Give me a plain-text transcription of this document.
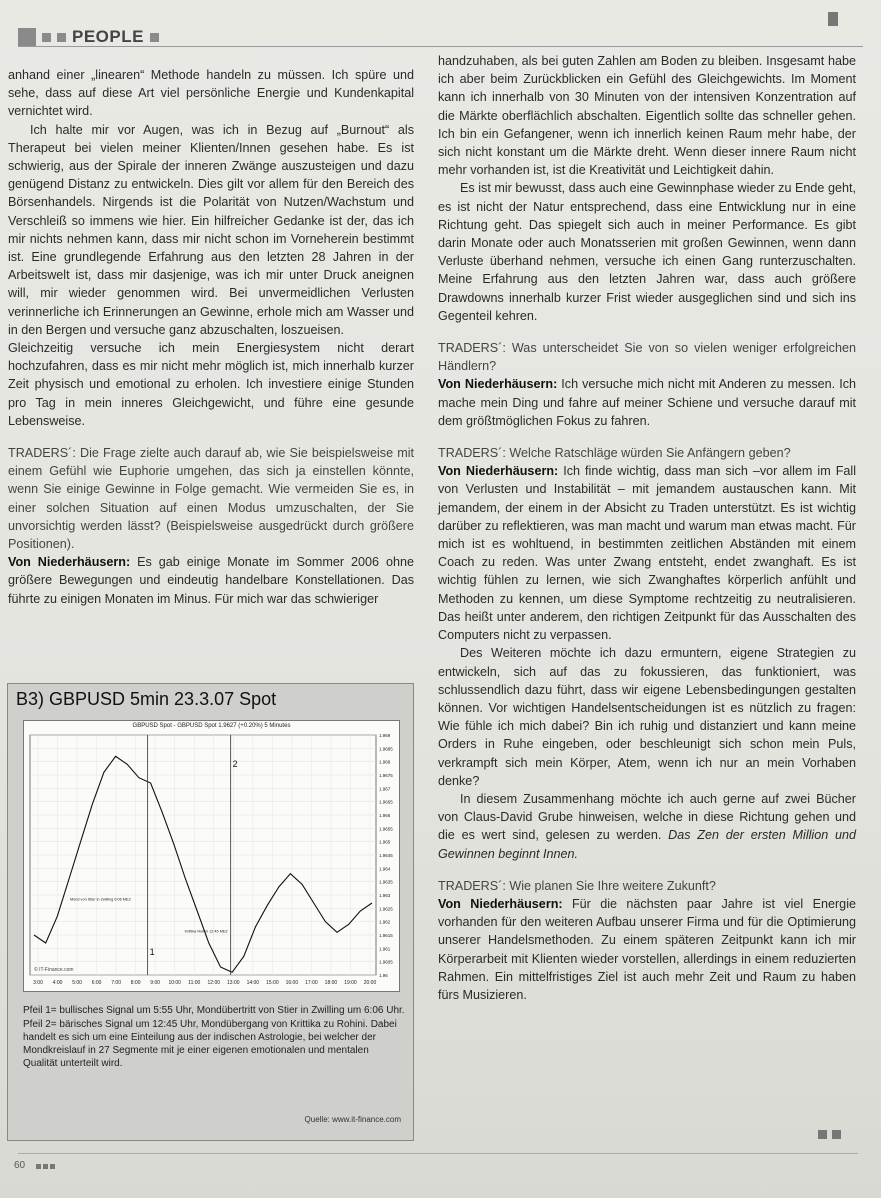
PEOPLE

anhand einer „linearen“ Methode handeln zu müssen. Ich spüre und sehe, dass auf diese Art viel persönliche Energie und Kundenkapital vernichtet wird.

Ich halte mir vor Augen, was ich in Bezug auf „Burnout“ als Therapeut bei vielen meiner Klienten/Innen gesehen habe. Es ist schwierig, aus der Spirale der inneren Zwänge auszusteigen und dazu genügend Distanz zu entwickeln. Dies gilt vor allem für den Bereich des Börsenhandels. Nirgends ist die Polarität von Nutzen/Wachstum und Verschleiß so immens wie hier. Ein hilfreicher Gedanke ist der, das ich mir nichts nehmen kann, dass mir nicht schon im Vorneherein bestimmt ist. Eine grundlegende Erfahrung aus den letzten 28 Jahren in der Arbeitswelt ist, dass mir dasjenige, was ich mir unter Druck aneignen will, mir wieder genommen wird. Bei unvermeidlichen Verlusten verinnerliche ich Erinnerungen an Gewinne, erhole mich am Wasser und in den Bergen und versuche ganz abzuschalten, loszueisen.

Gleichzeitig versuche ich mein Energiesystem nicht derart hochzufahren, dass es mir nicht mehr möglich ist, mich innerhalb kurzer Zeit physisch und emotional zu erholen. Ich investiere einige Stunden pro Tag in mein inneres Gleichgewicht, und führe eine gesunde Lebensweise.

TRADERS´: Die Frage zielte auch darauf ab, wie Sie beispielsweise mit einem Gefühl wie Euphorie umgehen, das sich ja einstellen könnte, wenn Sie einige Gewinne in Folge gemacht. Wie vermeiden Sie es, in einer solchen Situation auf einen Modus umzuschalten, der Sie unvorsichtig werden lässt? (Beispielsweise ausgedrückt durch größere Positionen).

Von Niederhäusern: Es gab einige Monate im Sommer 2006 ohne größere Bewegungen und eindeutig handelbare Konstellationen. Das führte zu einigen Monaten im Minus. Für mich war das schwieriger

B3) GBPUSD 5min 23.3.07 Spot
GBPUSD Spot - GBPUSD Spot 1.9627 (+0.20%) 5 Minutes
1.969
1.9685
1.968
1.9675
1.967
1.9665
1.966
1.9655
1.965
1.9645
1.964
1.9635
1.963
1.9625
1.962
1.9615
1.961
1.9605
1.96
3:00 4:00 5:00 6:00 7:00 8:00 9:00 10:00 11:00 12:00 13:00 14:00 15:00 16:00 17:00 18:00 19:00 20:00
1
2
Mond von Stier in Zwilling 6:06 MEZ
Krittika Rohini 12:45 MEZ
© IT-Finance.com

Pfeil 1= bullisches Signal um 5:55 Uhr, Mondübertritt von Stier in Zwilling um 6:06 Uhr.

Pfeil 2= bärisches Signal um 12:45 Uhr, Mondübergang von Krittika zu Rohini. Dabei handelt es sich um eine Einteilung aus der indischen Astrologie, bei welcher der Mondkreislauf in 27 Segmente mit je einer eigenen emotionalen und mentalen Qualität unterteilt wird.

Quelle: www.it-finance.com

handzuhaben, als bei guten Zahlen am Boden zu bleiben. Insgesamt habe ich aber beim Zurückblicken ein Gefühl des Gleichgewichts. Im Moment kann ich innerhalb von 30 Minuten von der intensiven Konzentration auf die Märkte oberflächlich abschalten. Eigentlich sollte das schneller gehen. Ich bin ein Gefangener, wenn ich innerlich keinen Raum mehr habe, der sich nicht konstant um die Märkte dreht. Wenn dieser innere Raum nicht mehr vorhanden ist, ist die Kreativität und Leichtigkeit dahin.

Es ist mir bewusst, dass auch eine Gewinnphase wieder zu Ende geht, es ist nicht der Natur entsprechend, dass eine Entwicklung nur in eine Richtung geht. Das spiegelt sich auch in meiner Performance. Es gibt darin Monate oder auch Monatsserien mit großen Gewinnen, wenn dann Verluste überhand nehmen, versuche ich einen Gang runterzuschalten. Meine Erfahrung aus den letzten Jahren war, dass auch größere Drawdowns innerhalb kurzer Frist wieder ausgeglichen sind und sich ins Gegenteil kehren.

TRADERS´: Was unterscheidet Sie von so vielen weniger erfolgreichen Händlern?

Von Niederhäusern: Ich versuche mich nicht mit Anderen zu messen. Ich mache mein Ding und fahre auf meiner Schiene und versuche darauf mit dem größtmöglichen Fokus zu fahren.

TRADERS´: Welche Ratschläge würden Sie Anfängern geben?

Von Niederhäusern: Ich finde wichtig, dass man sich –vor allem im Fall von Verlusten und Instabilität – mit jemandem austauschen kann. Mit jemandem, der einem in der Absicht zu Traden unterstützt. Es ist wichtig darüber zu reflektieren, was man macht und warum man etwas macht. Für mich ist es wohltuend, in bestimmten zeitlichen Abständen mit einem Coach zu reden. Was unter Zwang entsteht, endet zwanghaft. Es ist wichtig fühlen zu lernen, wie sich Zwanghaftes körperlich anfühlt und Methoden zu kennen, um diese Symptome rechtzeitig zu neutralisieren. Das heißt unter anderem, den richtigen Zeitpunkt für das Ausschalten des Computers nicht zu verpassen.

Des Weiteren möchte ich dazu ermuntern, eigene Strategien zu entwickeln, sich auf das zu fokussieren, das funktioniert, was schlussendlich dazu führt, dass wir eigene Lebensbedingungen gestalten können. Vor wichtigen Handelsentscheidungen ist es nützlich zu fragen: Wie fühle ich mich dabei? Bin ich ruhig und distanziert und kann meine Orders in Ruhe eingeben, oder beschleunigt sich schon mein Puls, verkrampft sich mein Körper, Atem, wenn ich nur an mein Vorhaben denke?

In diesem Zusammenhang möchte ich auch gerne auf zwei Bücher von Claus-David Grube hinweisen, welche in diese Richtung gehen und die es wert sind, gelesen zu werden. Das Zen der ersten Million und Gewinnen beginnt Innen.

TRADERS´: Wie planen Sie Ihre weitere Zukunft?

Von Niederhäusern: Für die nächsten paar Jahre ist viel Energie vorhanden für den weiteren Aufbau unserer Firma und für die Optimierung unserer Handelsmethoden. Zu einem späteren Zeitpunkt kann ich mir Körperarbeit mit Klienten wieder vorstellen, allerdings in einem reduzierten Rahmen. Ein mittelfristiges Ziel ist auch mehr Zeit und Raum zu haben fürs Musizieren.

60
